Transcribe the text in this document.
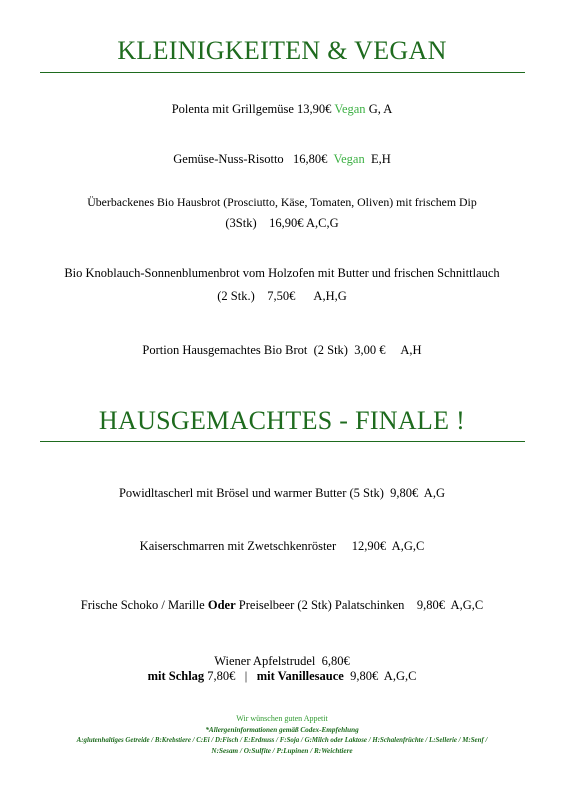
KLEINIGKEITEN & VEGAN
Polenta mit Grillgemüse 13,90€ Vegan G, A
Gemüse-Nuss-Risotto 16,80€ Vegan E,H
Überbackenes Bio Hausbrot (Prosciutto, Käse, Tomaten, Oliven) mit frischem Dip
(3Stk)    16,90€ A,C,G
Bio Knoblauch-Sonnenblumenbrot vom Holzofen mit Butter und frischen Schnittlauch
(2 Stk.)    7,50€      A,H,G
Portion Hausgemachtes Bio Brot  (2 Stk)  3,00 €     A,H
HAUSGEMACHTES - FINALE !
Powidltascherl mit Brösel und warmer Butter (5 Stk)  9,80€  A,G
Kaiserschmarren mit Zwetschkenröster     12,90€  A,G,C
Frische Schoko / Marille Oder Preiselbeer (2 Stk) Palatschinken    9,80€  A,G,C
Wiener Apfelstrudel  6,80€
mit Schlag 7,80€   |   mit Vanillesauce  9,80€  A,G,C
Wir wünschen guten Appetit
*Allergeninformationen gemäß Codex-Empfehlung
A:glutenhaltiges Getreide / B:Krebstiere / C:Ei / D:Fisch / E:Erdnuss / F:Soja / G:Milch oder Laktose / H:Schalenfrüchte / L:Sellerie / M:Senf /
N:Sesam / O:Sulfite / P:Lupinen / R:Weichtiere
